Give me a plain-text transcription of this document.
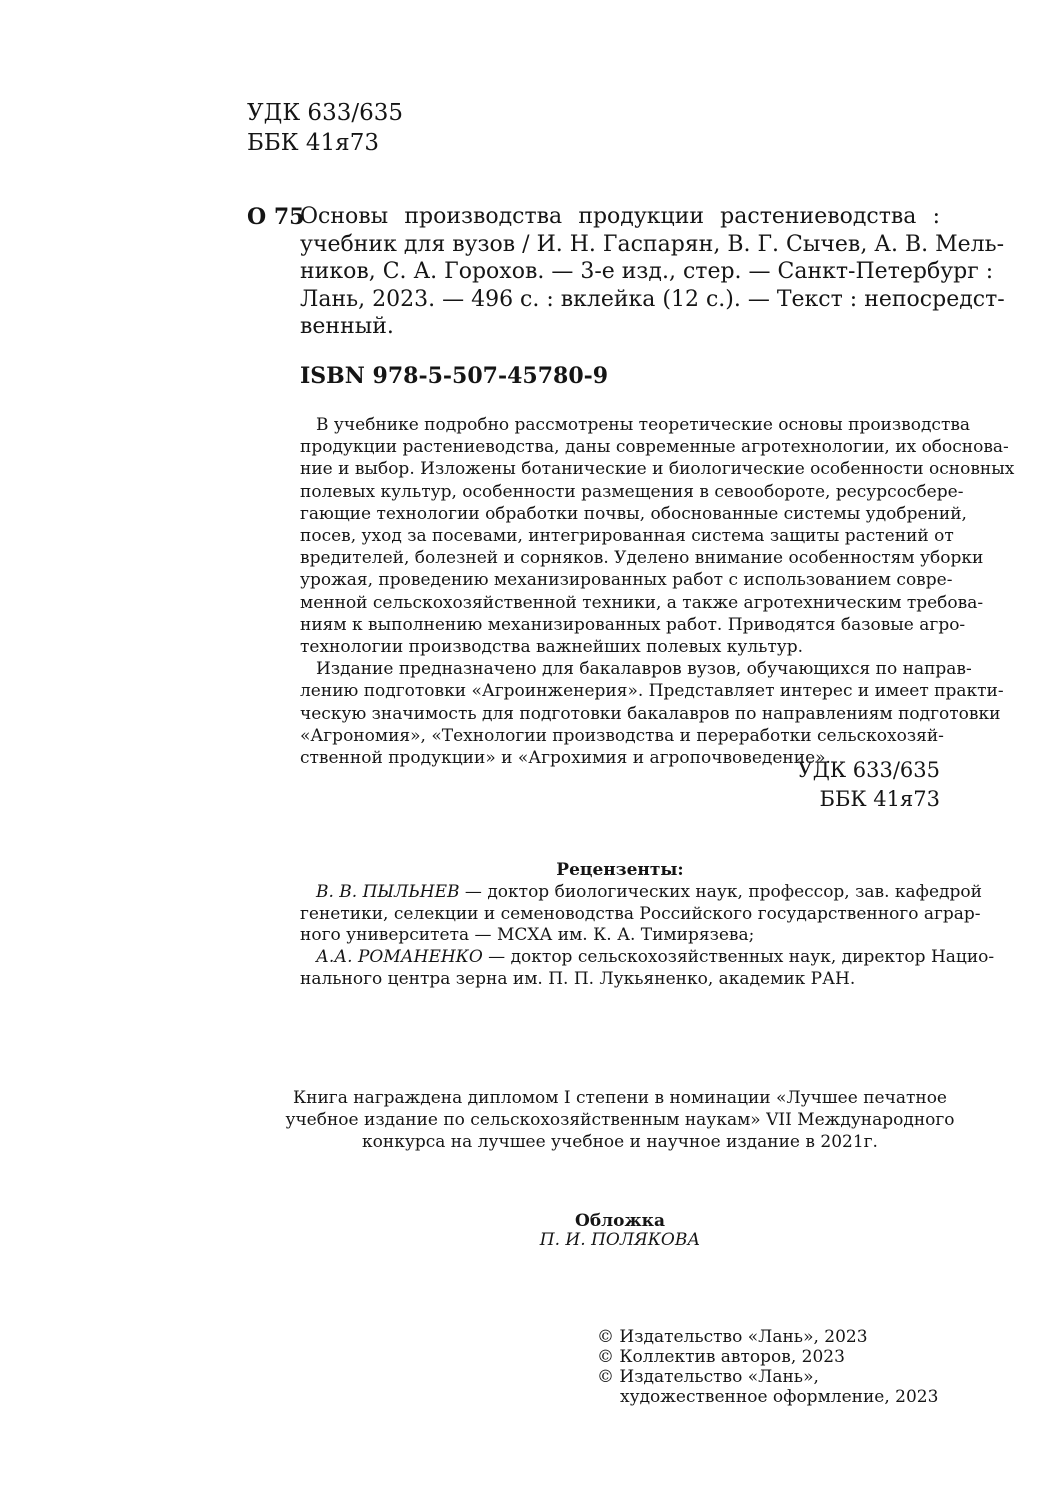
УДК 633/635
ББК 41я73
О 75
Основы производства продукции растениеводства :
учебник для вузов / И. Н. Гаспарян, В. Г. Сычев, А. В. Мель-
ников, С. А. Горохов. — 3-е изд., стер. — Санкт-Петербург :
Лань, 2023. — 496 с. : вклейка (12 с.). — Текст : непосредст-
венный.
ISBN 978-5-507-45780-9
В учебнике подробно рассмотрены теоретические основы производства
продукции растениеводства, даны современные агротехнологии, их обоснова-
ние и выбор. Изложены ботанические и биологические особенности основных
полевых культур, особенности размещения в севообороте, ресурсосбере-
гающие технологии обработки почвы, обоснованные системы удобрений,
посев, уход за посевами, интегрированная система защиты растений от
вредителей, болезней и сорняков. Уделено внимание особенностям уборки
урожая, проведению механизированных работ с использованием совре-
менной сельскохозяйственной техники, а также агротехническим требова-
ниям к выполнению механизированных работ. Приводятся базовые агро-
технологии производства важнейших полевых культур.
Издание предназначено для бакалавров вузов, обучающихся по направ-
лению подготовки «Агроинженерия». Представляет интерес и имеет практи-
ческую значимость для подготовки бакалавров по направлениям подготовки
«Агрономия», «Технологии производства и переработки сельскохозяй-
ственной продукции» и «Агрохимия и агропочвоведение».
УДК 633/635
ББК 41я73
Рецензенты:
В. В. ПЫЛЬНЕВ — доктор биологических наук, профессор, зав. кафедрой
генетики, селекции и семеноводства Российского государственного аграр-
ного университета — МСХА им. К. А. Тимирязева;
А.А. РОМАНЕНКО — доктор сельскохозяйственных наук, директор Нацио-
нального центра зерна им. П. П. Лукьяненко, академик РАН.
Книга награждена дипломом I степени в номинации «Лучшее печатное
учебное издание по сельскохозяйственным наукам» VII Международного
конкурса на лучшее учебное и научное издание в 2021г.
Обложка
П. И. ПОЛЯКОВА
© Издательство «Лань», 2023
© Коллектив авторов, 2023
© Издательство «Лань»,
художественное оформление, 2023
